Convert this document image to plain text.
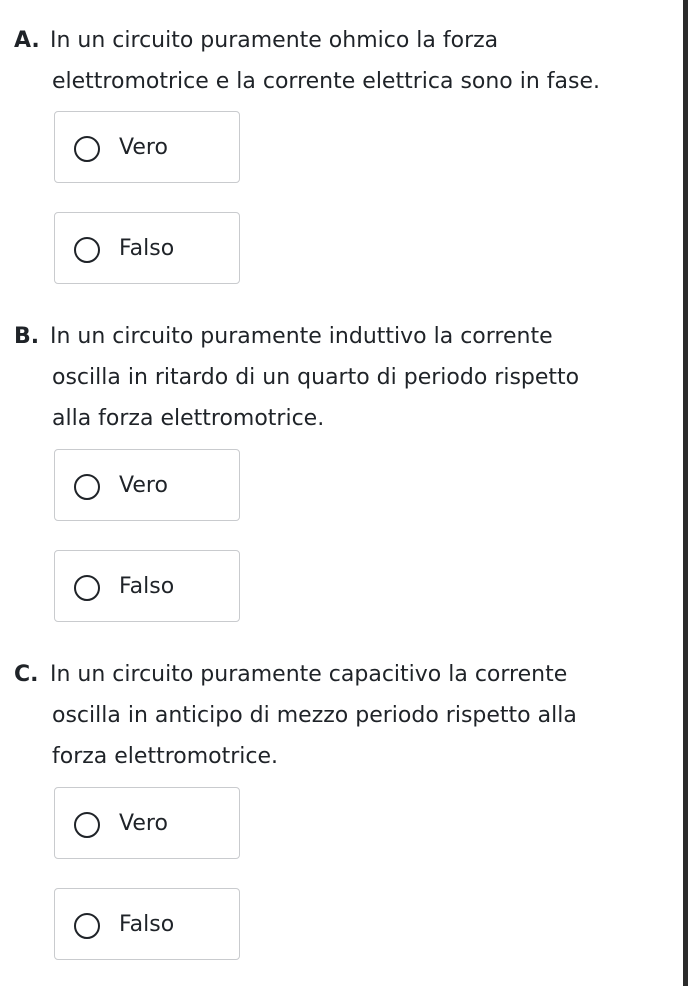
A. In un circuito puramente ohmico la forza
elettromotrice e la corrente elettrica sono in fase.
Vero
Falso
B. In un circuito puramente induttivo la corrente
oscilla in ritardo di un quarto di periodo rispetto
alla forza elettromotrice.
Vero
Falso
C. In un circuito puramente capacitivo la corrente
oscilla in anticipo di mezzo periodo rispetto alla
forza elettromotrice.
Vero
Falso
